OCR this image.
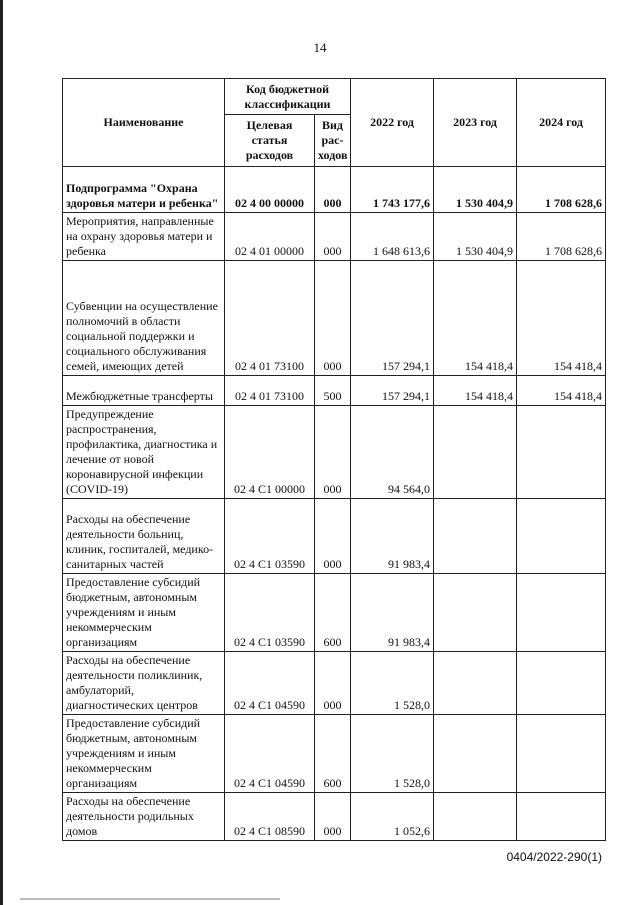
14
Наименование	Код бюджетной классификации		2022 год	2023 год	2024 год
	Целевая статья расходов	Вид рас-ходов			
Подпрограмма "Охрана здоровья матери и ребенка"	02 4 00 00000	000	1 743 177,6	1 530 404,9	1 708 628,6
Мероприятия, направленные на охрану здоровья матери и ребенка	02 4 01 00000	000	1 648 613,6	1 530 404,9	1 708 628,6
Субвенции на осуществление полномочий в области социальной поддержки и социального обслуживания семей, имеющих детей	02 4 01 73100	000	157 294,1	154 418,4	154 418,4
Межбюджетные трансферты	02 4 01 73100	500	157 294,1	154 418,4	154 418,4
Предупреждение распространения, профилактика, диагностика и лечение от новой коронавирусной инфекции (COVID-19)	02 4 C1 00000	000	94 564,0		
Расходы на обеспечение деятельности больниц, клиник, госпиталей, медико-санитарных частей	02 4 C1 03590	000	91 983,4		
Предоставление субсидий бюджетным, автономным учреждениям и иным некоммерческим организациям	02 4 C1 03590	600	91 983,4		
Расходы на обеспечение деятельности поликлиник, амбулаторий, диагностических центров	02 4 C1 04590	000	1 528,0		
Предоставление субсидий бюджетным, автономным учреждениям и иным некоммерческим организациям	02 4 C1 04590	600	1 528,0		
Расходы на обеспечение деятельности родильных домов	02 4 C1 08590	000	1 052,6		
0404/2022-290(1)
